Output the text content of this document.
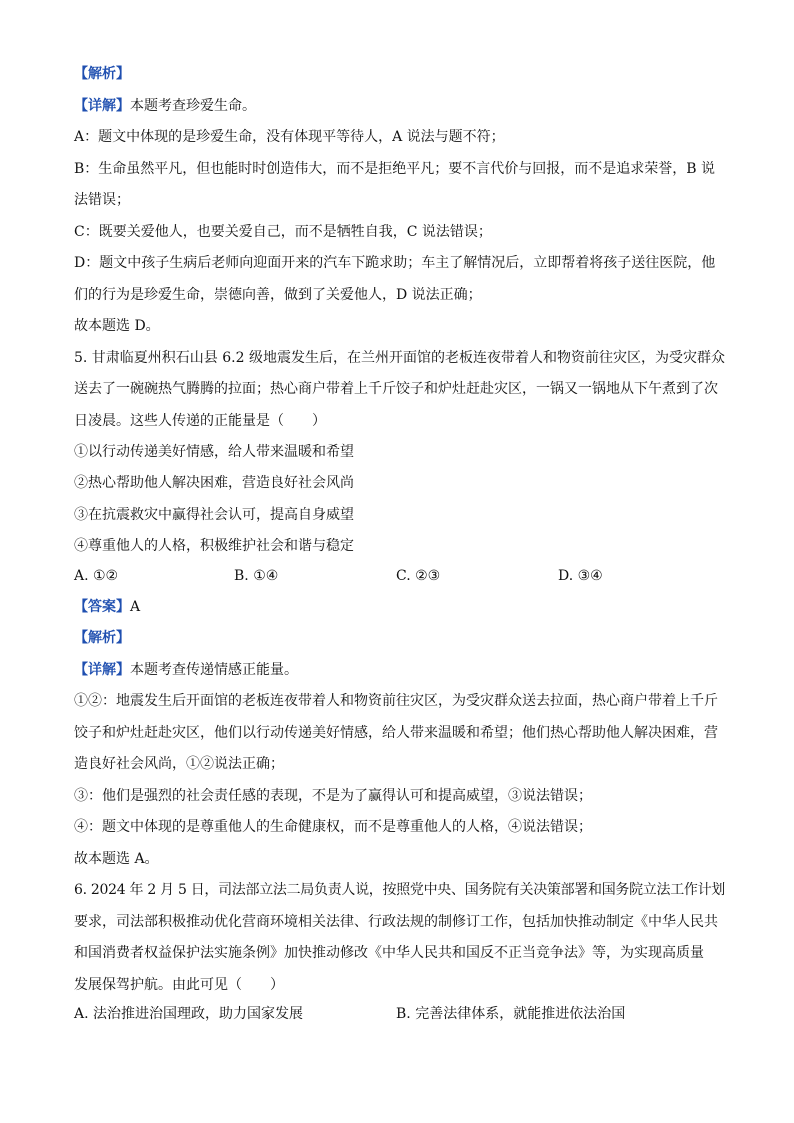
【解析】
【详解】本题考查珍爱生命。
A：题文中体现的是珍爱生命，没有体现平等待人，A 说法与题不符；
B：生命虽然平凡，但也能时时创造伟大，而不是拒绝平凡；要不言代价与回报，而不是追求荣誉，B 说
法错误；
C：既要关爱他人，也要关爱自己，而不是牺牲自我，C 说法错误；
D：题文中孩子生病后老师向迎面开来的汽车下跪求助；车主了解情况后，立即帮着将孩子送往医院，他
们的行为是珍爱生命，崇德向善，做到了关爱他人，D 说法正确；
故本题选 D。
5. 甘肃临夏州积石山县 6.2 级地震发生后，在兰州开面馆的老板连夜带着人和物资前往灾区，为受灾群众
送去了一碗碗热气腾腾的拉面；热心商户带着上千斤饺子和炉灶赶赴灾区，一锅又一锅地从下午煮到了次
日凌晨。这些人传递的正能量是（　　）
①以行动传递美好情感，给人带来温暖和希望
②热心帮助他人解决困难，营造良好社会风尚
③在抗震救灾中赢得社会认可，提高自身威望
④尊重他人的人格，积极维护社会和谐与稳定
A. ①②	B. ①④	C. ②③	D. ③④
【答案】A
【解析】
【详解】本题考查传递情感正能量。
①②：地震发生后开面馆的老板连夜带着人和物资前往灾区，为受灾群众送去拉面，热心商户带着上千斤
饺子和炉灶赶赴灾区，他们以行动传递美好情感，给人带来温暖和希望；他们热心帮助他人解决困难，营
造良好社会风尚，①②说法正确；
③：他们是强烈的社会责任感的表现，不是为了赢得认可和提高威望，③说法错误；
④：题文中体现的是尊重他人的生命健康权，而不是尊重他人的人格，④说法错误；
故本题选 A。
6. 2024 年 2 月 5 日，司法部立法二局负责人说，按照党中央、国务院有关决策部署和国务院立法工作计划
要求，司法部积极推动优化营商环境相关法律、行政法规的制修订工作，包括加快推动制定《中华人民共
和国消费者权益保护法实施条例》加快推动修改《中华人民共和国反不正当竞争法》等，为实现高质量
发展保驾护航。由此可见（　　）
A. 法治推进治国理政，助力国家发展	B. 完善法律体系，就能推进依法治国
